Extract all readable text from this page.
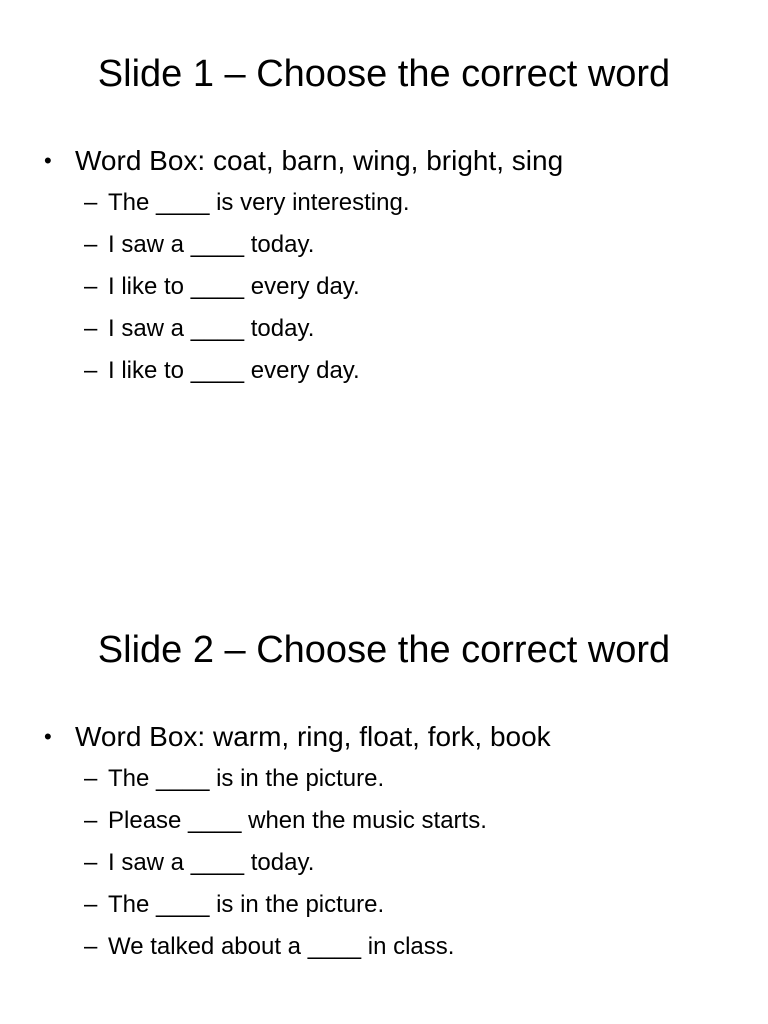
Slide 1 – Choose the correct word
• Word Box: coat, barn, wing, bright, sing
– The ____ is very interesting.
– I saw a ____ today.
– I like to ____ every day.
– I saw a ____ today.
– I like to ____ every day.
Slide 2 – Choose the correct word
• Word Box: warm, ring, float, fork, book
– The ____ is in the picture.
– Please ____ when the music starts.
– I saw a ____ today.
– The ____ is in the picture.
– We talked about a ____ in class.
